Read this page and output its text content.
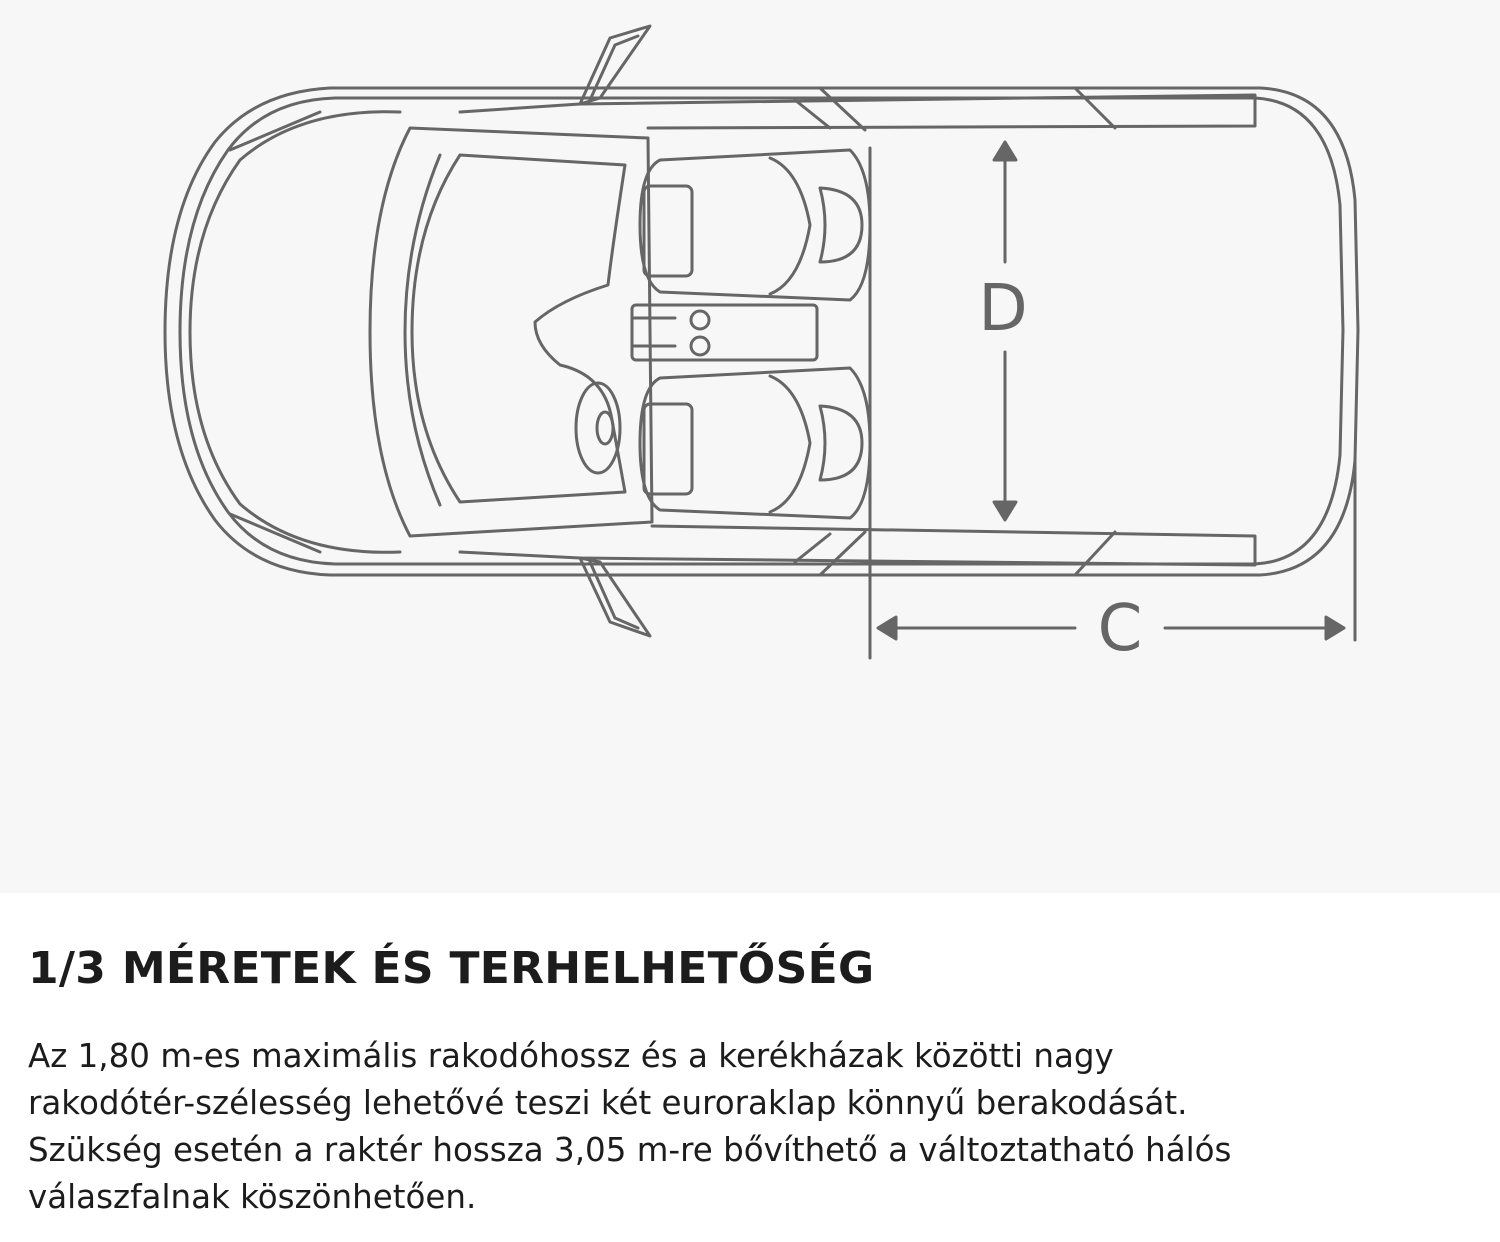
D
C
1/3 MÉRETEK ÉS TERHELHETŐSÉG

Az 1,80 m-es maximális rakodóhossz és a kerékházak közötti nagy
rakodótér-szélesség lehetővé teszi két euroraklap könnyű berakodását.
Szükség esetén a raktér hossza 3,05 m-re bővíthető a változtatható hálós
válaszfalnak köszönhetően.
